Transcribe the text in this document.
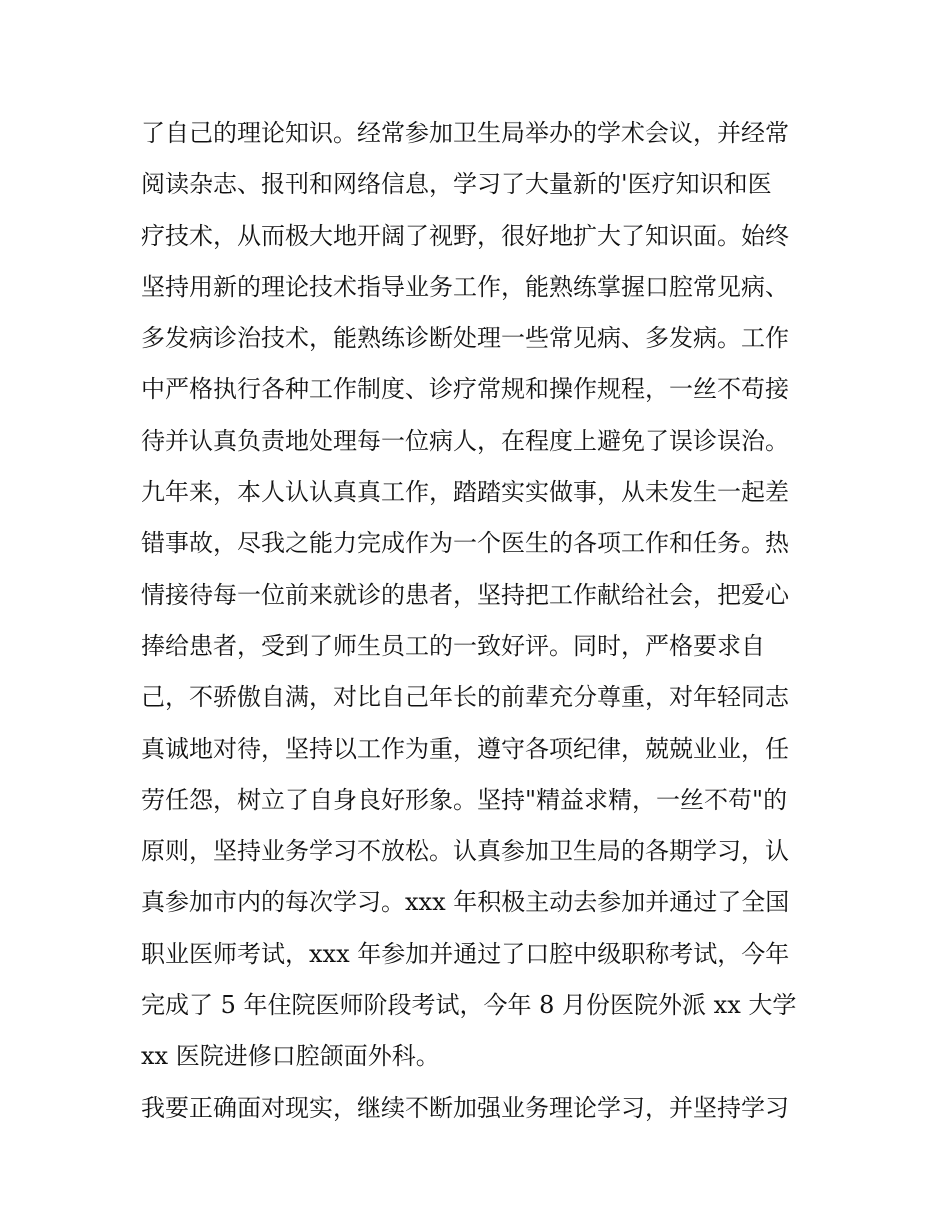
了自己的理论知识。经常参加卫生局举办的学术会议，并经常
阅读杂志、报刊和网络信息，学习了大量新的'医疗知识和医
疗技术，从而极大地开阔了视野，很好地扩大了知识面。始终
坚持用新的理论技术指导业务工作，能熟练掌握口腔常见病、
多发病诊治技术，能熟练诊断处理一些常见病、多发病。工作
中严格执行各种工作制度、诊疗常规和操作规程，一丝不苟接
待并认真负责地处理每一位病人，在程度上避免了误诊误治。
九年来，本人认认真真工作，踏踏实实做事，从未发生一起差
错事故，尽我之能力完成作为一个医生的各项工作和任务。热
情接待每一位前来就诊的患者，坚持把工作献给社会，把爱心
捧给患者，受到了师生员工的一致好评。同时，严格要求自
己，不骄傲自满，对比自己年长的前辈充分尊重，对年轻同志
真诚地对待，坚持以工作为重，遵守各项纪律，兢兢业业，任
劳任怨，树立了自身良好形象。坚持"精益求精，一丝不苟"的
原则，坚持业务学习不放松。认真参加卫生局的各期学习，认
真参加市内的每次学习。xxx 年积极主动去参加并通过了全国
职业医师考试，xxx 年参加并通过了口腔中级职称考试，今年
完成了 5 年住院医师阶段考试，今年 8 月份医院外派 xx 大学
xx 医院进修口腔颌面外科。
我要正确面对现实，继续不断加强业务理论学习，并坚持学习
